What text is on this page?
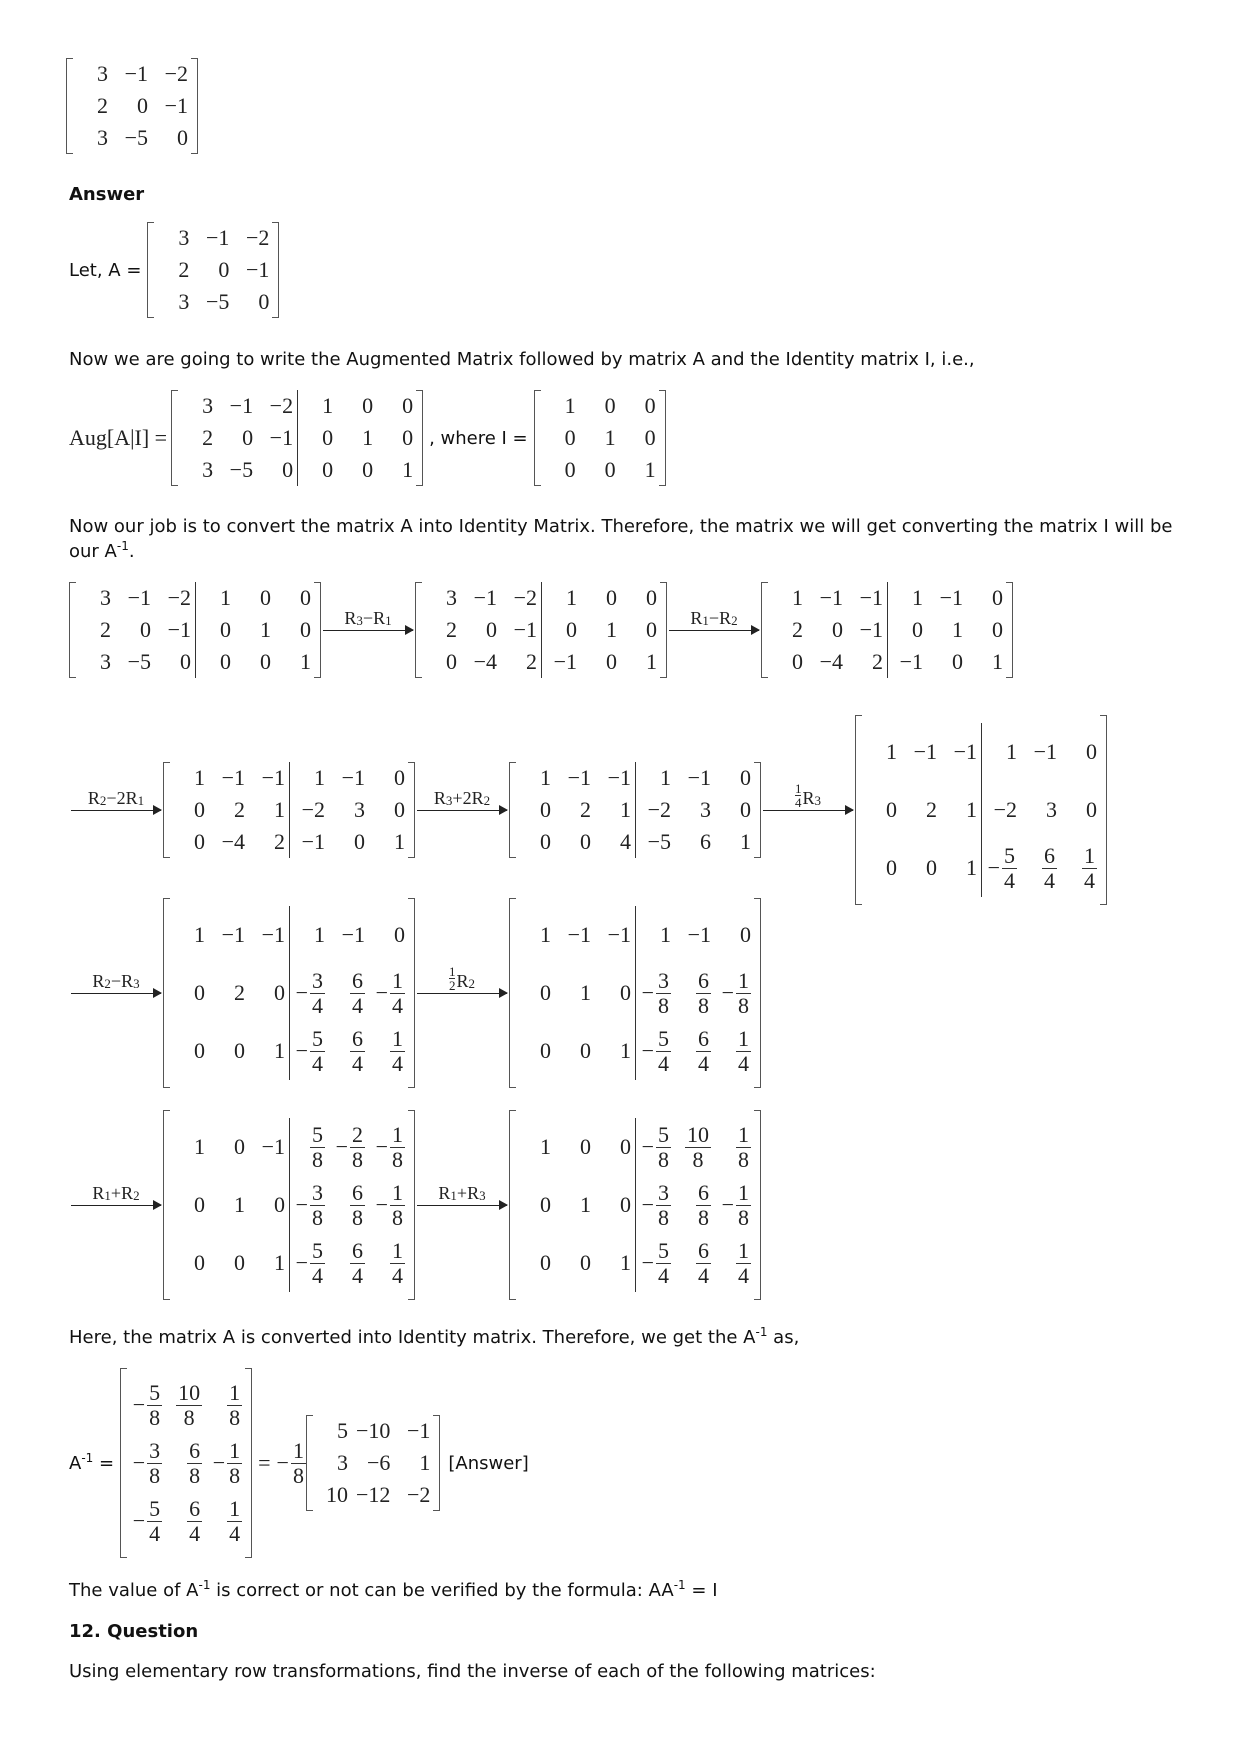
3 −1 −2
2 0 −1
3 −5 0
Answer
Let, A =
3 −1 −2
2 0 −1
3 −5 0
Now we are going to write the Augmented Matrix followed by matrix A and the Identity matrix I, i.e.,
Aug[A|I] =
3 −1 −2 1 0 0
2 0 −1 0 1 0
3 −5 0 0 0 1
, where I =
1 0 0
0 1 0
0 0 1
Now our job is to convert the matrix A into Identity Matrix. Therefore, the matrix we will get converting the matrix I will be
our $A^{-1}$.
3 −1 −2 1 0 0
2 0 −1 0 1 0
3 −5 0 0 0 1
R 3 −R 1
3 −1 −2 1 0 0
2 0 −1 0 1 0
0 −4 2 −1 0 1
R 1 −R 2
1 −1 −1 1 −1 0
2 0 −1 0 1 0
0 −4 2 −1 0 1
R 2 −2R 1
1 −1 −1 1 −1 0
0 2 1 −2 3 0
0 −4 2 −1 0 1
R 3 +2R 2
1 −1 −1 1 −1 0
0 2 1 −2 3 0
0 0 4 −5 6 1
1
4 R 3
1 −1 −1 1 −1 0
0 2 1 −2 3 0
0 0 $1 - \frac{5}{4} \frac{6}{4} \frac{1}{4}$
R 2 −R 3
1 −1 −1 1 −1 0
0 2 $0 - \frac{3}{4} \frac{6}{4} - \frac{1}{4}$
0 0 $1 - \frac{5}{4} \frac{6}{4} \frac{1}{4}$
1
2 R 2
1 −1 −1 1 −1 0
0 1 $0 - \frac{3}{8} \frac{6}{8} - \frac{1}{8}$
0 0 $1 - \frac{5}{4} \frac{6}{4} \frac{1}{4}$
R 1 +R 2
1 $0 -1 \frac{5}{8} - \frac{2}{8} - \frac{1}{8}$
0 1 $0 - \frac{3}{8} \frac{6}{8} - \frac{1}{8}$
0 0 $1 - \frac{5}{4} \frac{6}{4} \frac{1}{4}$
R 1 +R 3
1 0 $0 - \frac{5}{8} \frac{10}{8} \frac{1}{8}$
0 1 $0 - \frac{3}{8} \frac{6}{8} - \frac{1}{8}$
0 0 $1 - \frac{5}{4} \frac{6}{4} \frac{1}{4}$
Here, the matrix A is converted into Identity matrix. Therefore, we get the $A^{-1}$ as,
$A^{-1}$ =
− $\frac{5}{8} \frac{10}{8} \frac{1}{8}$
− $\frac{3}{8} \frac{6}{8} - \frac{1}{8}$
− $\frac{5}{4} \frac{6}{4} \frac{1}{4}$
= − $\frac{1}{8}$
5 −10 −1
3 −6 1
10 −12 −2
[Answer]
The value of $A^{-1}$ is correct or not can be verified by the formula: $AA^{-1} = I$
12. Question
Using elementary row transformations, find the inverse of each of the following matrices:
